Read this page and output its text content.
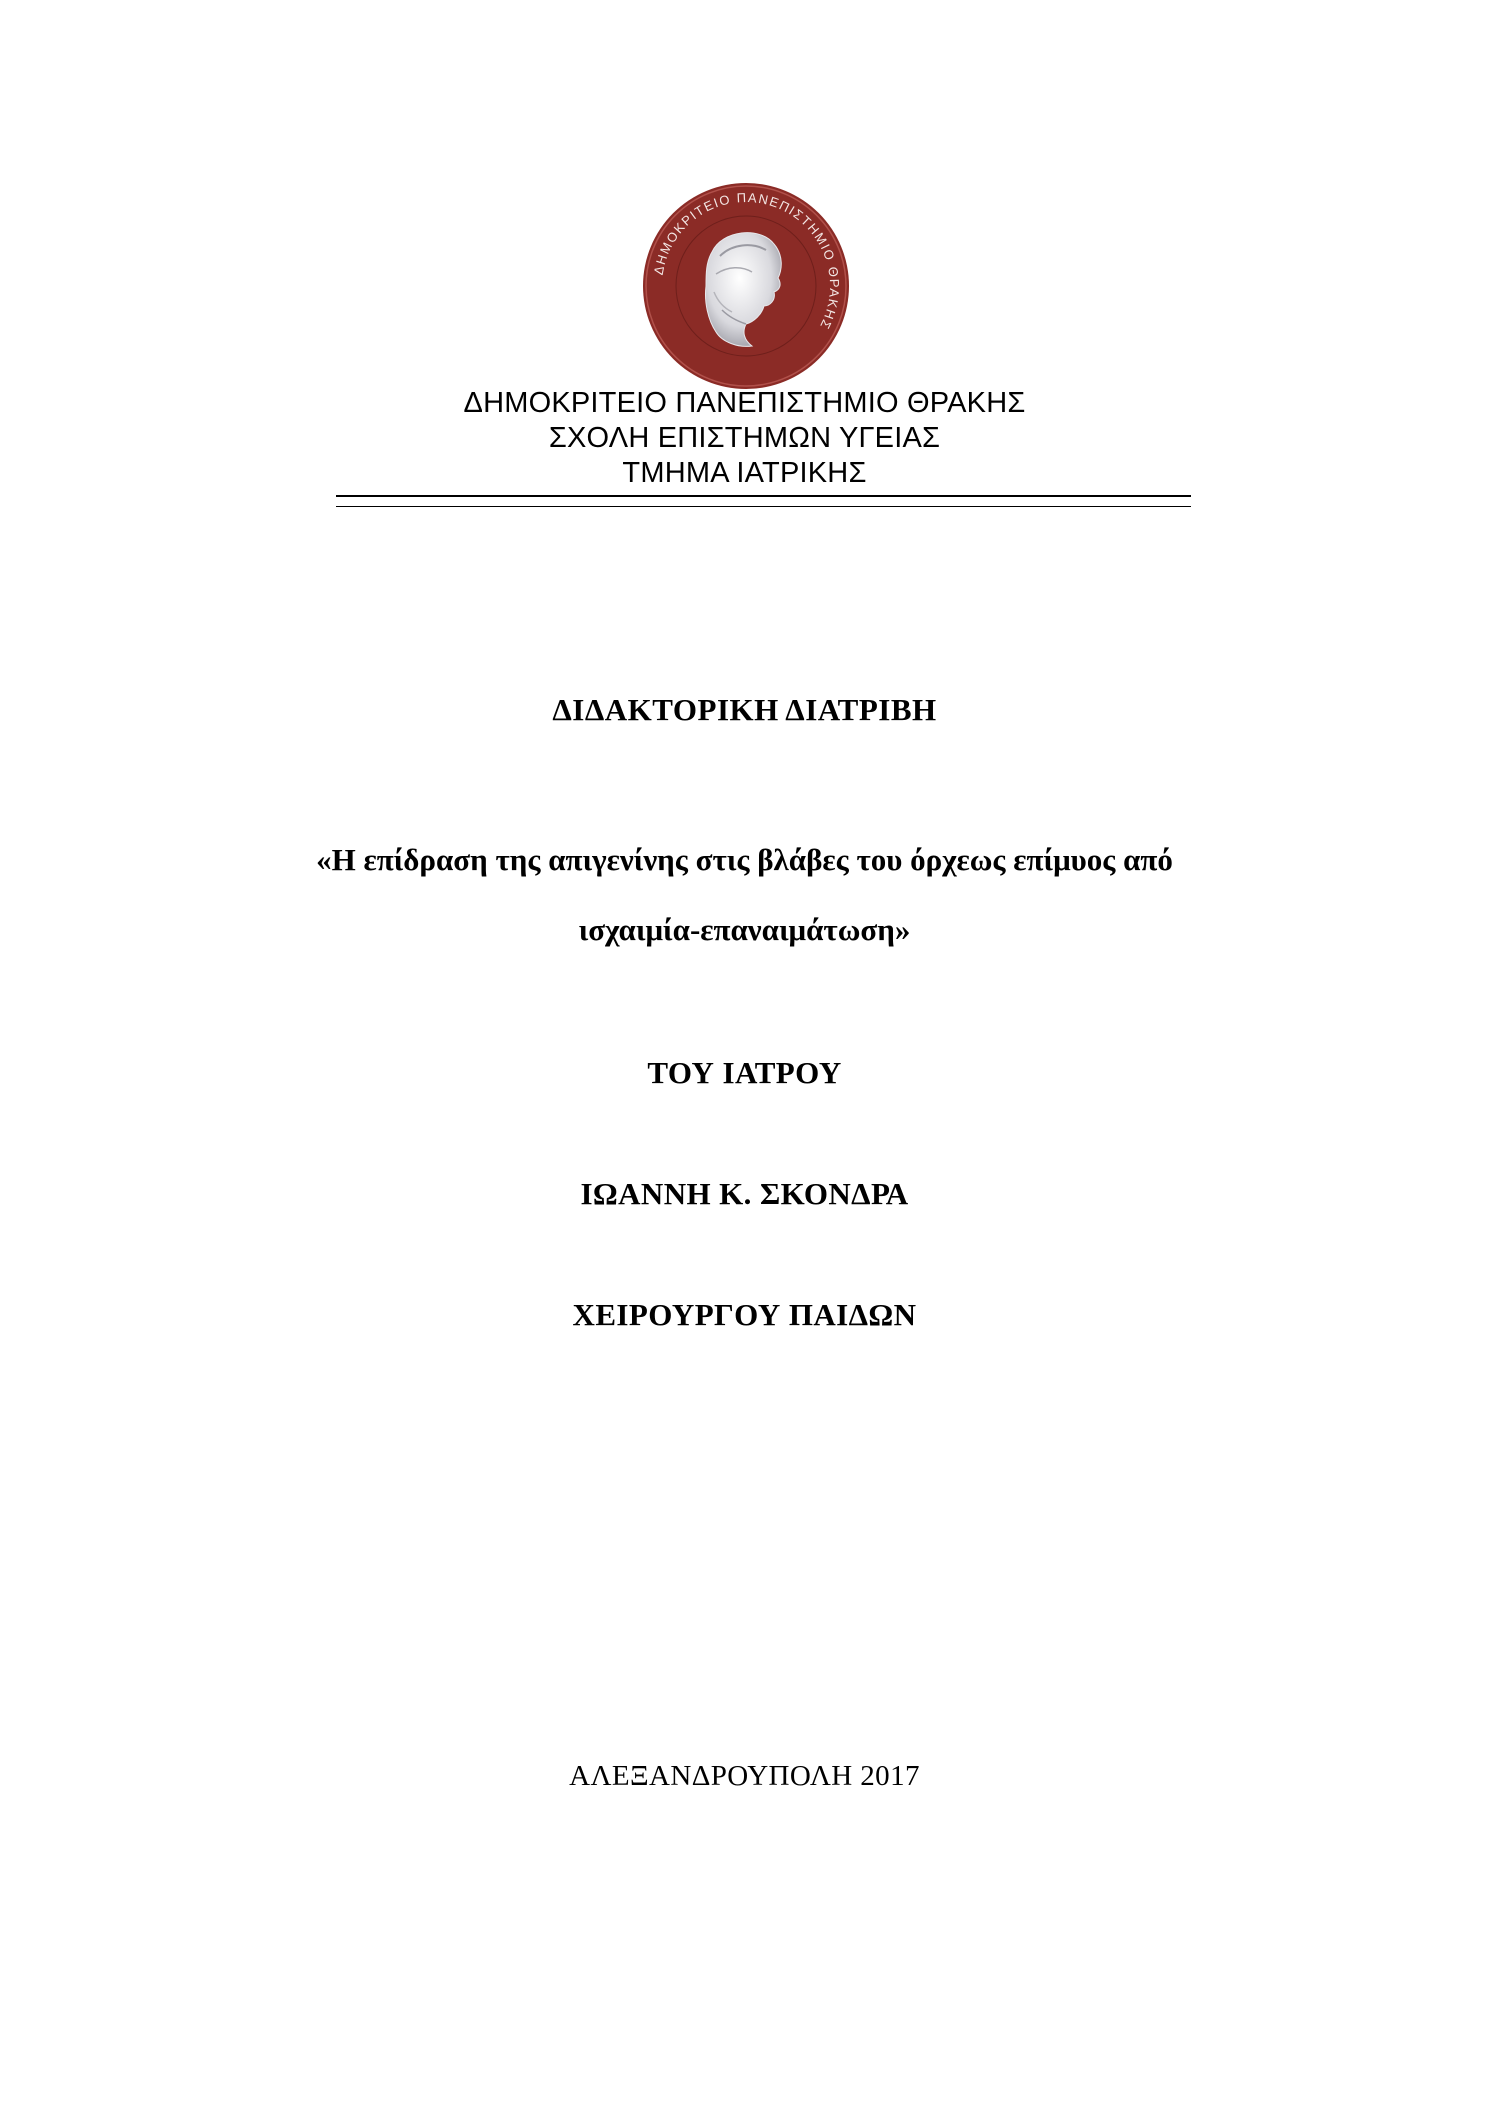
ΔΗΜΟΚΡΙΤΕΙΟ ΠΑΝΕΠΙΣΤΗΜΙΟ ΘΡΑΚΗΣ
ΔΗΜΟΚΡΙΤΕΙΟ ΠΑΝΕΠΙΣΤΗΜΙΟ ΘΡΑΚΗΣ
ΣΧΟΛΗ ΕΠΙΣΤΗΜΩΝ ΥΓΕΙΑΣ
ΤΜΗΜΑ ΙΑΤΡΙΚΗΣ
ΔΙΔΑΚΤΟΡΙΚΗ ΔΙΑΤΡΙΒΗ
«Η επίδραση της απιγενίνης στις βλάβες του όρχεως επίμυος από
ισχαιμία-επαναιμάτωση»
ΤΟΥ ΙΑΤΡΟΥ
ΙΩΑΝΝΗ Κ. ΣΚΟΝΔΡΑ
ΧΕΙΡΟΥΡΓΟΥ ΠΑΙΔΩΝ
ΑΛΕΞΑΝΔΡΟΥΠΟΛΗ 2017
